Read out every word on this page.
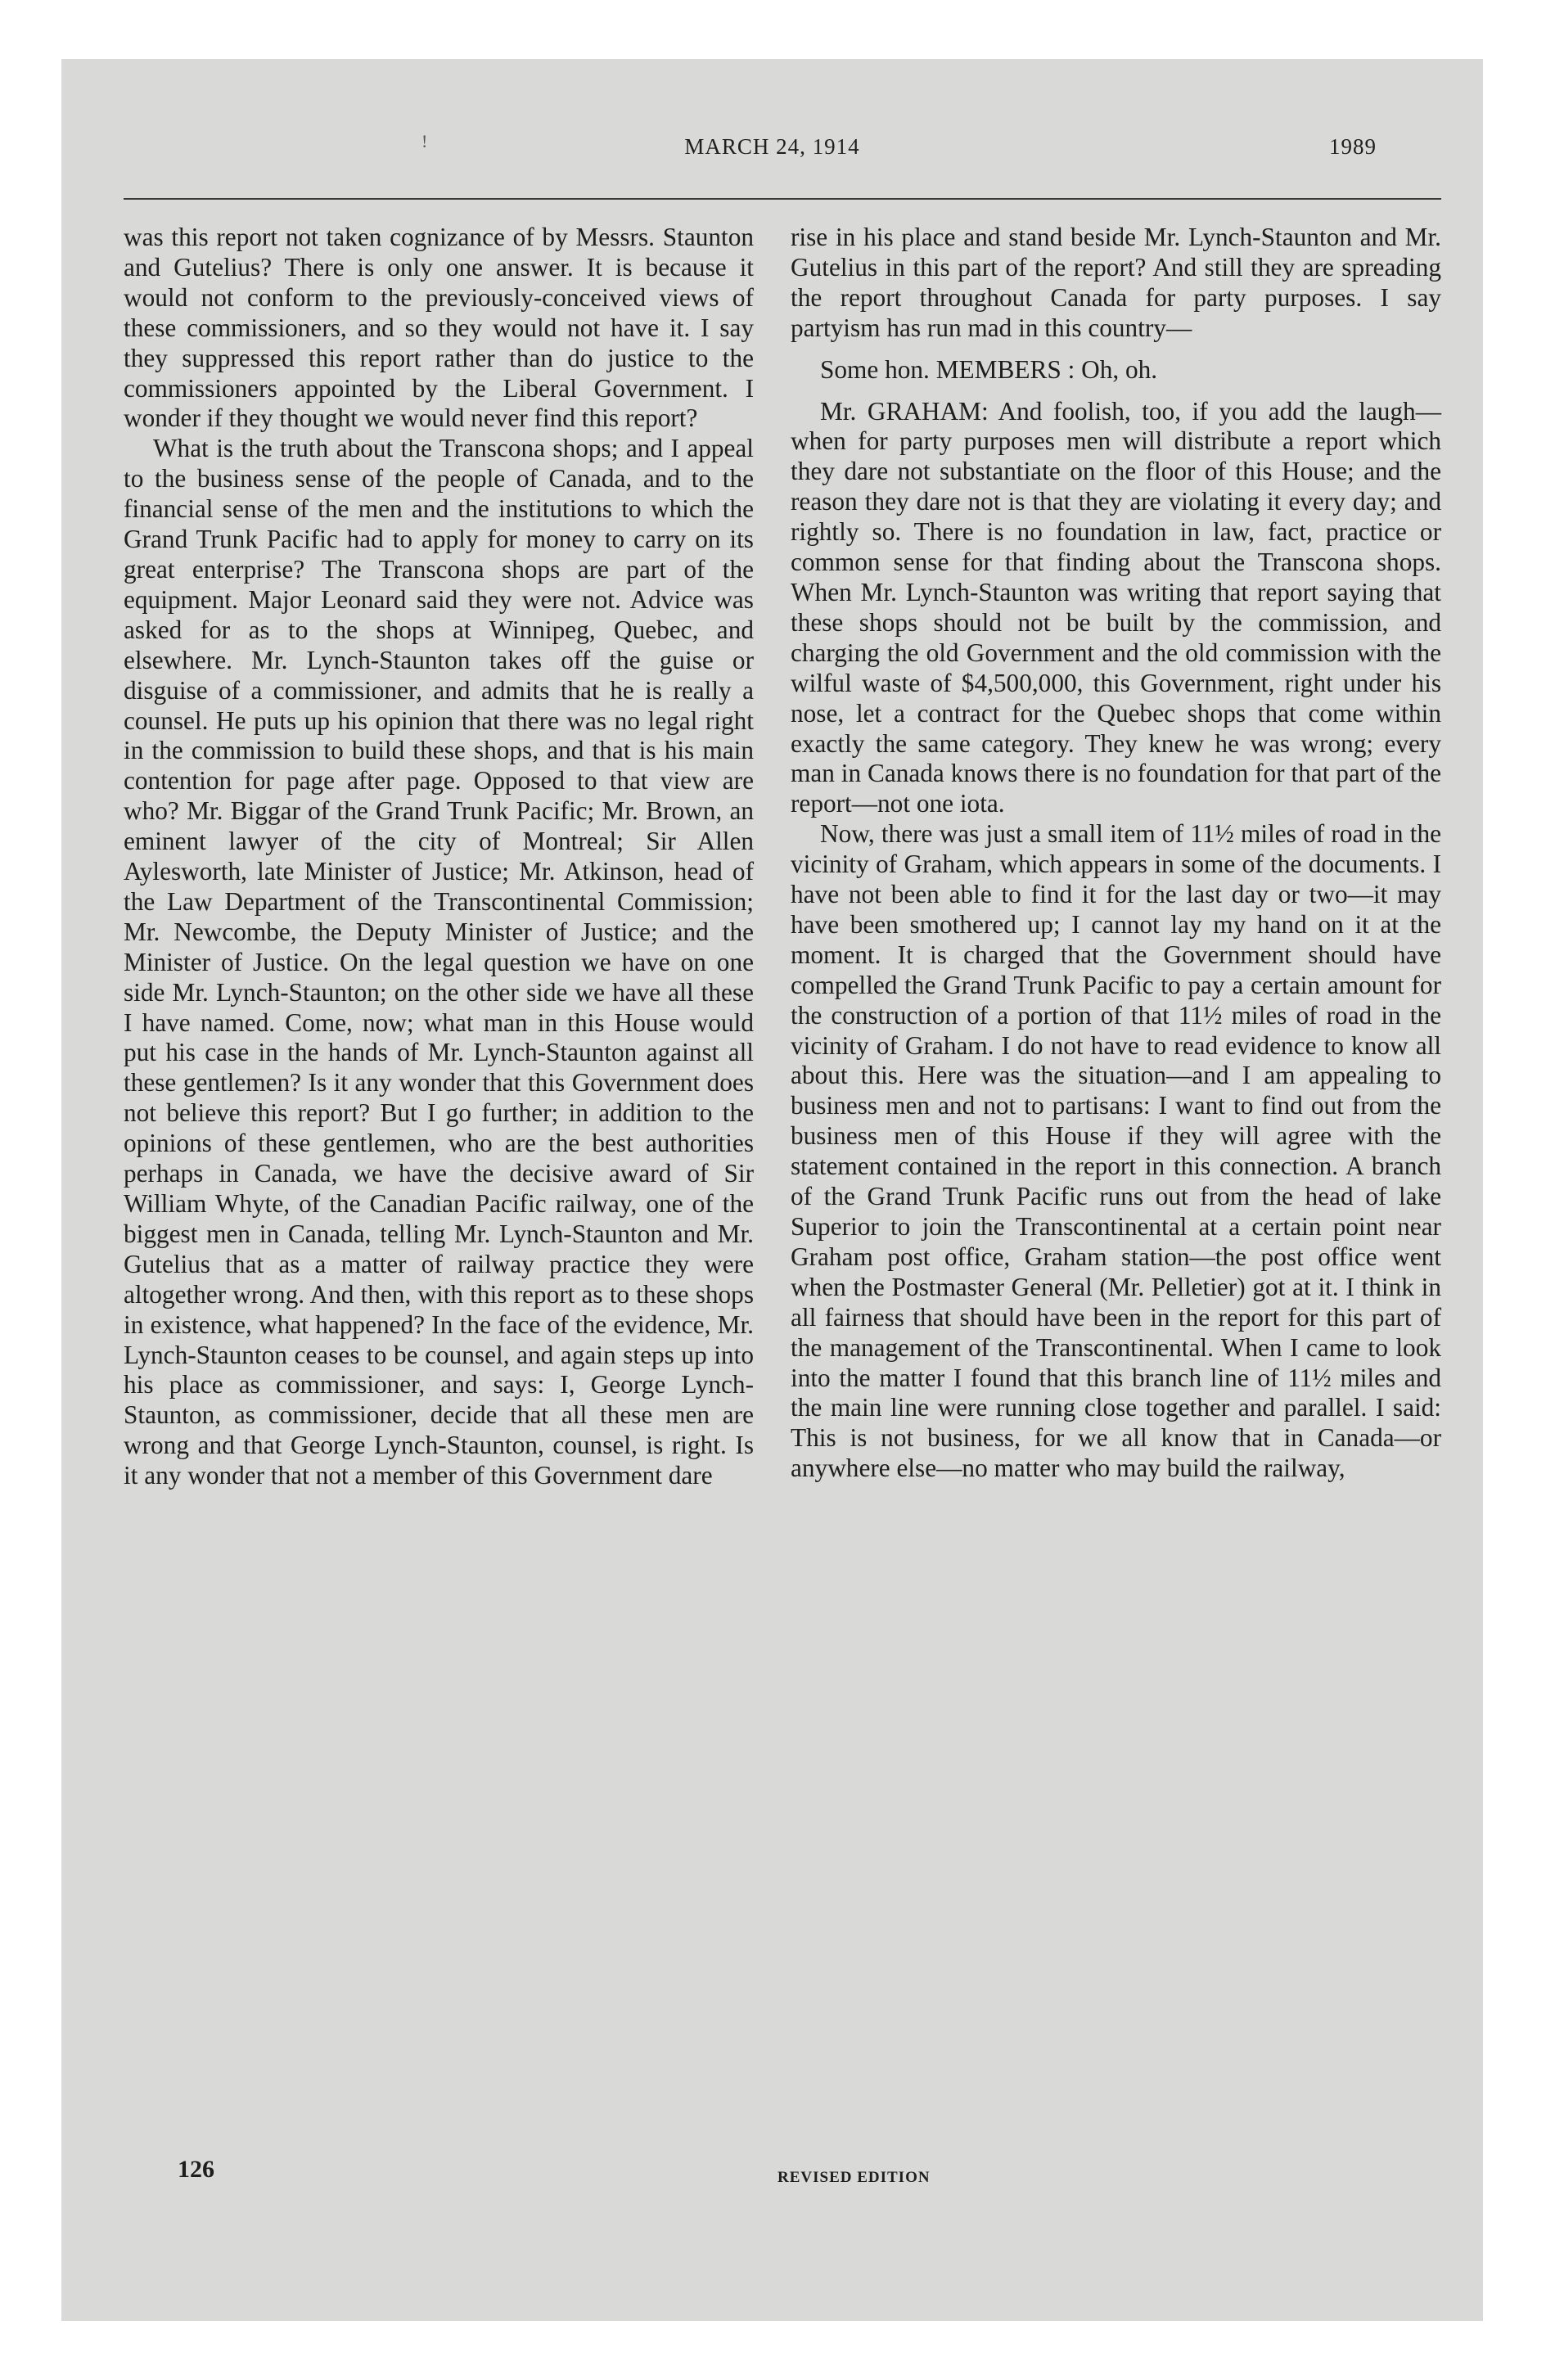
!	MARCH 24, 1914	1989

was this report not taken cognizance of by Messrs. Staunton and Gutelius? There is only one answer. It is because it would not conform to the previously-conceived views of these commissioners, and so they would not have it. I say they suppressed this report rather than do justice to the commissioners appointed by the Liberal Government. I wonder if they thought we would never find this report?

What is the truth about the Transcona shops; and I appeal to the business sense of the people of Canada, and to the financial sense of the men and the institutions to which the Grand Trunk Pacific had to apply for money to carry on its great enterprise? The Transcona shops are part of the equipment. Major Leonard said they were not. Advice was asked for as to the shops at Winnipeg, Quebec, and elsewhere. Mr. Lynch-Staunton takes off the guise or disguise of a commissioner, and admits that he is really a counsel. He puts up his opinion that there was no legal right in the commission to build these shops, and that is his main contention for page after page. Opposed to that view are who? Mr. Biggar of the Grand Trunk Pacific; Mr. Brown, an eminent lawyer of the city of Montreal; Sir Allen Aylesworth, late Minister of Justice; Mr. Atkinson, head of the Law Department of the Transcontinental Commission; Mr. Newcombe, the Deputy Minister of Justice; and the Minister of Justice. On the legal question we have on one side Mr. Lynch-Staunton; on the other side we have all these I have named. Come, now; what man in this House would put his case in the hands of Mr. Lynch-Staunton against all these gentlemen? Is it any wonder that this Government does not believe this report? But I go further; in addition to the opinions of these gentlemen, who are the best authorities perhaps in Canada, we have the decisive award of Sir William Whyte, of the Canadian Pacific railway, one of the biggest men in Canada, telling Mr. Lynch-Staunton and Mr. Gutelius that as a matter of railway practice they were altogether wrong. And then, with this report as to these shops in existence, what happened? In the face of the evidence, Mr. Lynch-Staunton ceases to be counsel, and again steps up into his place as commissioner, and says: I, George Lynch-Staunton, as commissioner, decide that all these men are wrong and that George Lynch-Staunton, counsel, is right. Is it any wonder that not a member of this Government dare

rise in his place and stand beside Mr. Lynch-Staunton and Mr. Gutelius in this part of the report? And still they are spreading the report throughout Canada for party purposes. I say partyism has run mad in this country—

Some hon. MEMBERS : Oh, oh.

Mr. GRAHAM: And foolish, too, if you add the laugh—when for party purposes men will distribute a report which they dare not substantiate on the floor of this House; and the reason they dare not is that they are violating it every day; and rightly so. There is no foundation in law, fact, practice or common sense for that finding about the Transcona shops. When Mr. Lynch-Staunton was writing that report saying that these shops should not be built by the commission, and charging the old Government and the old commission with the wilful waste of $4,500,000, this Government, right under his nose, let a contract for the Quebec shops that come within exactly the same category. They knew he was wrong; every man in Canada knows there is no foundation for that part of the report—not one iota.

Now, there was just a small item of 11½ miles of road in the vicinity of Graham, which appears in some of the documents. I have not been able to find it for the last day or two—it may have been smothered up; I cannot lay my hand on it at the moment. It is charged that the Government should have compelled the Grand Trunk Pacific to pay a certain amount for the construction of a portion of that 11½ miles of road in the vicinity of Graham. I do not have to read evidence to know all about this. Here was the situation—and I am appealing to business men and not to partisans: I want to find out from the business men of this House if they will agree with the statement contained in the report in this connection. A branch of the Grand Trunk Pacific runs out from the head of lake Superior to join the Transcontinental at a certain point near Graham post office, Graham station—the post office went when the Postmaster General (Mr. Pelletier) got at it. I think in all fairness that should have been in the report for this part of the management of the Transcontinental. When I came to look into the matter I found that this branch line of 11½ miles and the main line were running close together and parallel. I said: This is not business, for we all know that in Canada—or anywhere else—no matter who may build the railway,

126	REVISED EDITION
